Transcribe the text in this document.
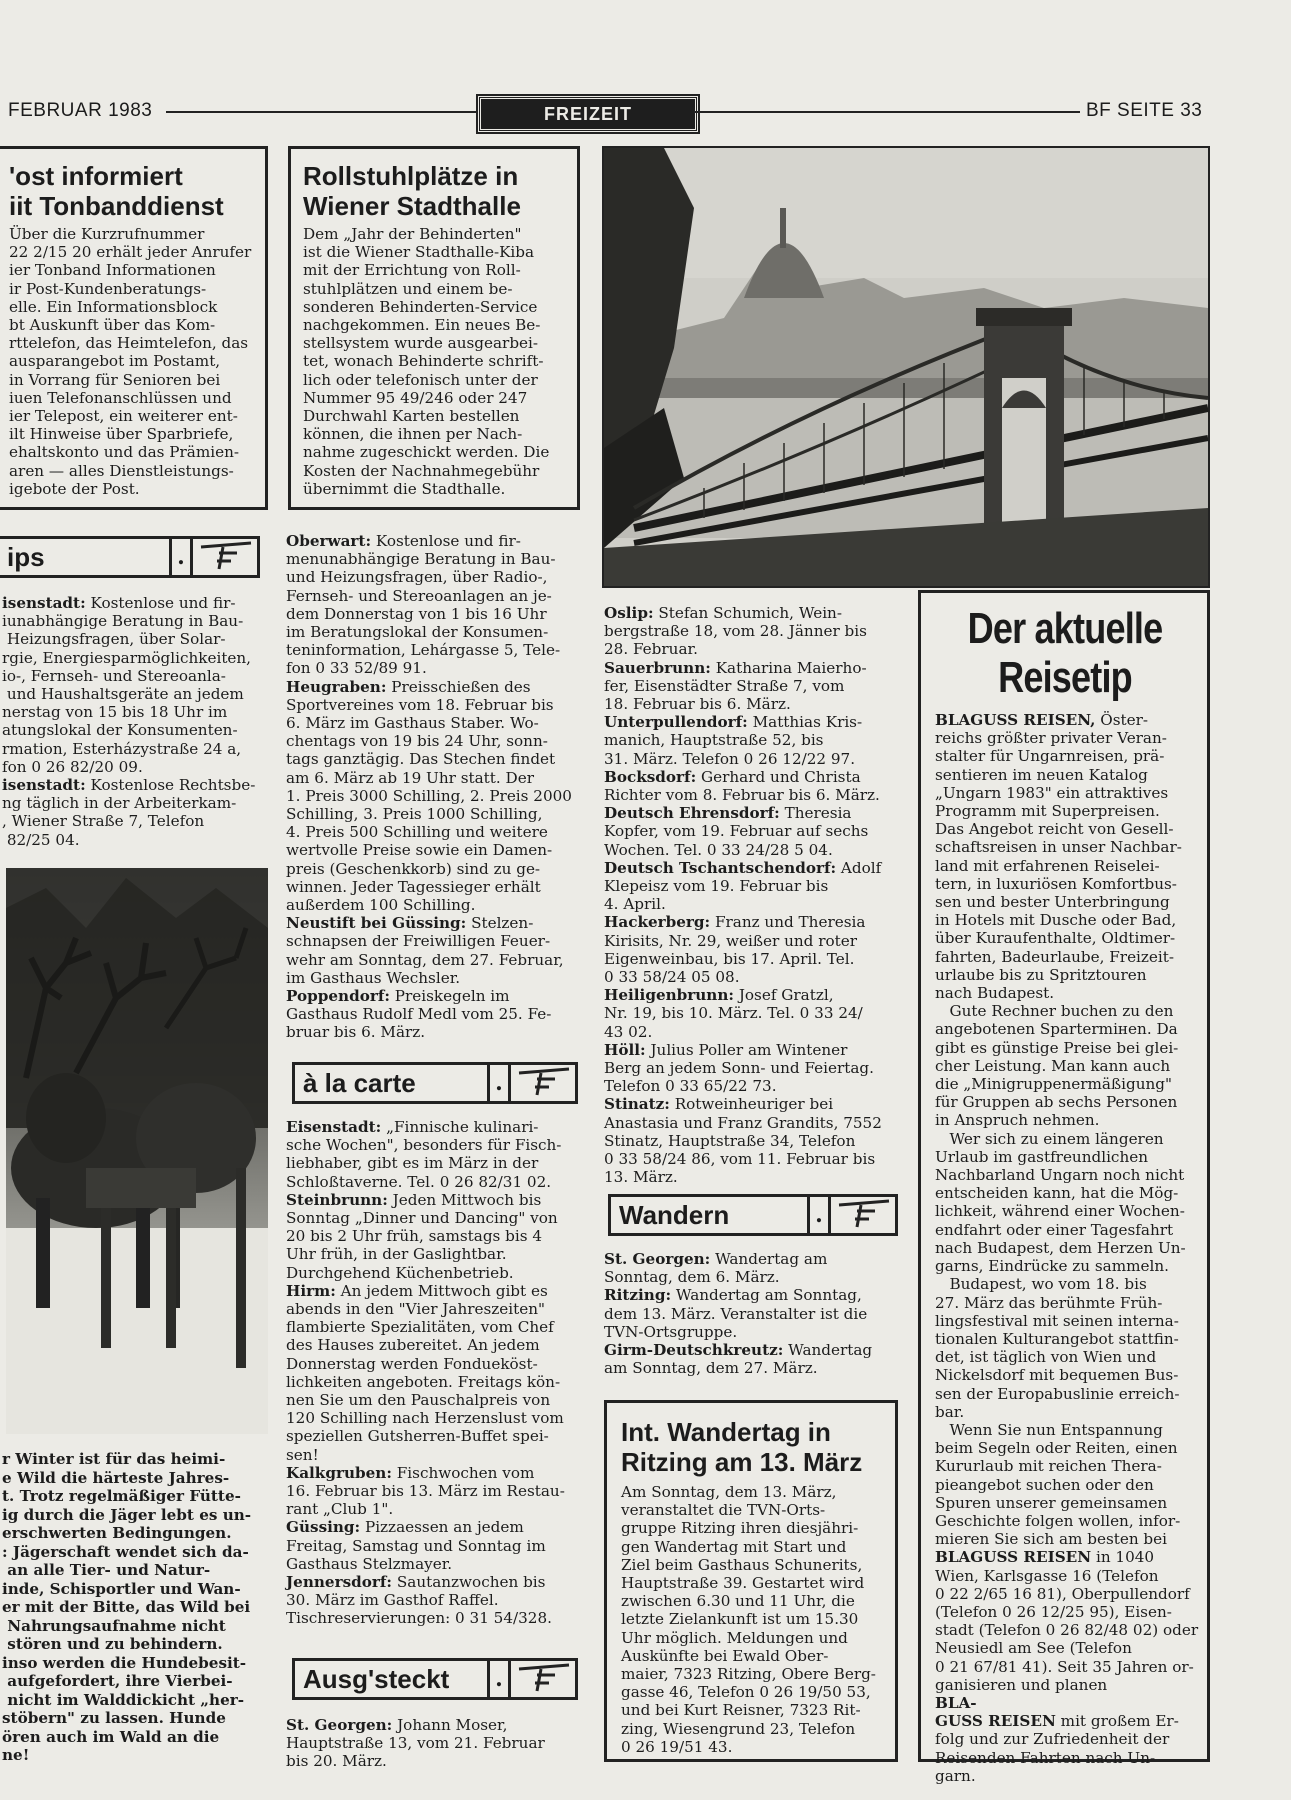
FEBRUAR 1983	FREIZEIT	BF SEITE 33

'ost informiert

iit Tonbanddienst

Über die Kurzrufnummer
22 2/15 20 erhält jeder Anrufer
ier Tonband Informationen
ir Post-Kundenberatungs-
elle. Ein Informationsblock
bt Auskunft über das Kom-
rttelefon, das Heimtelefon, das
ausparangebot im Postamt,
in Vorrang für Senioren bei
iuen Telefonanschlüssen und
ier Telepost, ein weiterer ent-
ilt Hinweise über Sparbriefe,
ehaltskonto und das Prämien-
aren — alles Dienstleistungs-
igebote der Post.
ips	.
isenstadt: Kostenlose und fir-
iunabhängige Beratung in Bau-
Heizungsfragen, über Solar-
rgie, Energiesparmöglichkeiten,
io-, Fernseh- und Stereoanla-
und Haushaltsgeräte an jedem
nerstag von 15 bis 18 Uhr im
atungslokal der Konsumenten-
rmation, Esterházystraße 24 a,
fon 0 26 82/20 09.
isenstadt: Kostenlose Rechtsbe-
ng täglich in der Arbeiterkam-
, Wiener Straße 7, Telefon
82/25 04.
r Winter ist für das heimi-
e Wild die härteste Jahres-
t. Trotz regelmäßiger Fütte-
ig durch die Jäger lebt es un-
erschwerten Bedingungen.
: Jägerschaft wendet sich da-
an alle Tier- und Natur-
inde, Schisportler und Wan-
er mit der Bitte, das Wild bei
Nahrungsaufnahme nicht
stören und zu behindern.
inso werden die Hundebesit-
aufgefordert, ihre Vierbei-
nicht im Walddickicht „her-
stöbern" zu lassen. Hunde
ören auch im Wald an die
ne!

Rollstuhlplätze in

Wiener Stadthalle

Dem „Jahr der Behinderten"
ist die Wiener Stadthalle-Kiba
mit der Errichtung von Roll-
stuhlplätzen und einem be-
sonderen Behinderten-Service
nachgekommen. Ein neues Be-
stellsystem wurde ausgearbei-
tet, wonach Behinderte schrift-
lich oder telefonisch unter der
Nummer 95 49/246 oder 247
Durchwahl Karten bestellen
können, die ihnen per Nach-
nahme zugeschickt werden. Die
Kosten der Nachnahmegebühr
übernimmt die Stadthalle.
Oberwart: Kostenlose und fir-
menunabhängige Beratung in Bau-
und Heizungsfragen, über Radio-,
Fernseh- und Stereoanlagen an je-
dem Donnerstag von 1 bis 16 Uhr
im Beratungslokal der Konsumen-
teninformation, Lehárgasse 5, Tele-
fon 0 33 52/89 91.
Heugraben: Preisschießen des
Sportvereines vom 18. Februar bis
6. März im Gasthaus Staber. Wo-
chentags von 19 bis 24 Uhr, sonn-
tags ganztägig. Das Stechen findet
am 6. März ab 19 Uhr statt. Der
1. Preis 3000 Schilling, 2. Preis 2000
Schilling, 3. Preis 1000 Schilling,
4. Preis 500 Schilling und weitere
wertvolle Preise sowie ein Damen-
preis (Geschenkkorb) sind zu ge-
winnen. Jeder Tagessieger erhält
außerdem 100 Schilling.
Neustift bei Güssing: Stelzen-
schnapsen der Freiwilligen Feuer-
wehr am Sonntag, dem 27. Februar,
im Gasthaus Wechsler.
Poppendorf: Preiskegeln im
Gasthaus Rudolf Medl vom 25. Fe-
bruar bis 6. März.
à la carte	.
Eisenstadt: „Finnische kulinari-
sche Wochen", besonders für Fisch-
liebhaber, gibt es im März in der
Schloßtaverne. Tel. 0 26 82/31 02.
Steinbrunn: Jeden Mittwoch bis
Sonntag „Dinner und Dancing" von
20 bis 2 Uhr früh, samstags bis 4
Uhr früh, in der Gaslightbar.
Durchgehend Küchenbetrieb.
Hirm: An jedem Mittwoch gibt es
abends in den "Vier Jahreszeiten"
flambierte Spezialitäten, vom Chef
des Hauses zubereitet. An jedem
Donnerstag werden Fondueköst-
lichkeiten angeboten. Freitags kön-
nen Sie um den Pauschalpreis von
120 Schilling nach Herzenslust vom
speziellen Gutsherren-Buffet spei-
sen!
Kalkgruben: Fischwochen vom
16. Februar bis 13. März im Restau-
rant „Club 1".
Güssing: Pizzaessen an jedem
Freitag, Samstag und Sonntag im
Gasthaus Stelzmayer.
Jennersdorf: Sautanzwochen bis
30. März im Gasthof Raffel.
Tischreservierungen: 0 31 54/328.
Ausg'steckt	.
St. Georgen: Johann Moser,
Hauptstraße 13, vom 21. Februar
bis 20. März.
Oslip: Stefan Schumich, Wein-
bergstraße 18, vom 28. Jänner bis
28. Februar.
Sauerbrunn: Katharina Maierho-
fer, Eisenstädter Straße 7, vom
18. Februar bis 6. März.
Unterpullendorf: Matthias Kris-
manich, Hauptstraße 52, bis
31. März. Telefon 0 26 12/22 97.
Bocksdorf: Gerhard und Christa
Richter vom 8. Februar bis 6. März.
Deutsch Ehrensdorf: Theresia
Kopfer, vom 19. Februar auf sechs
Wochen. Tel. 0 33 24/28 5 04.
Deutsch Tschantschendorf: Adolf
Klepeisz vom 19. Februar bis
4. April.
Hackerberg: Franz und Theresia
Kirisits, Nr. 29, weißer und roter
Eigenweinbau, bis 17. April. Tel.
0 33 58/24 05 08.
Heiligenbrunn: Josef Gratzl,
Nr. 19, bis 10. März. Tel. 0 33 24/
43 02.
Höll: Julius Poller am Wintener
Berg an jedem Sonn- und Feiertag.
Telefon 0 33 65/22 73.
Stinatz: Rotweinheuriger bei
Anastasia und Franz Grandits, 7552
Stinatz, Hauptstraße 34, Telefon
0 33 58/24 86, vom 11. Februar bis
13. März.
Wandern	.
St. Georgen: Wandertag am
Sonntag, dem 6. März.
Ritzing: Wandertag am Sonntag,
dem 13. März. Veranstalter ist die
TVN-Ortsgruppe.
Girm-Deutschkreutz: Wandertag
am Sonntag, dem 27. März.

Int. Wandertag in

Ritzing am 13. März

Am Sonntag, dem 13. März,
veranstaltet die TVN-Orts-
gruppe Ritzing ihren diesjähri-
gen Wandertag mit Start und
Ziel beim Gasthaus Schunerits,
Hauptstraße 39. Gestartet wird
zwischen 6.30 und 11 Uhr, die
letzte Zielankunft ist um 15.30
Uhr möglich. Meldungen und
Auskünfte bei Ewald Ober-
maier, 7323 Ritzing, Obere Berg-
gasse 46, Telefon 0 26 19/50 53,
und bei Kurt Reisner, 7323 Rit-
zing, Wiesengrund 23, Telefon
0 26 19/51 43.
Der aktuelle
Reisetip
BLAGUSS REISEN, Öster-
reichs größter privater Veran-
stalter für Ungarnreisen, prä-
sentieren im neuen Katalog
„Ungarn 1983" ein attraktives
Programm mit Superpreisen.
Das Angebot reicht von Gesell-
schaftsreisen in unser Nachbar-
land mit erfahrenen Reiselei-
tern, in luxuriösen Komfortbus-
sen und bester Unterbringung
in Hotels mit Dusche oder Bad,
über Kuraufenthalte, Oldtimer-
fahrten, Badeurlaube, Freizeit-
urlaube bis zu Spritztouren
nach Budapest.
Gute Rechner buchen zu den
angebotenen Spartermінen. Da
gibt es günstige Preise bei glei-
cher Leistung. Man kann auch
die „Minigruppenermäßigung"
für Gruppen ab sechs Personen
in Anspruch nehmen.
Wer sich zu einem längeren
Urlaub im gastfreundlichen
Nachbarland Ungarn noch nicht
entscheiden kann, hat die Mög-
lichkeit, während einer Wochen-
endfahrt oder einer Tagesfahrt
nach Budapest, dem Herzen Un-
garns, Eindrücke zu sammeln.
Budapest, wo vom 18. bis
27. März das berühmte Früh-
lingsfestival mit seinen interna-
tionalen Kulturangebot stattfin-
det, ist täglich von Wien und
Nickelsdorf mit bequemen Bus-
sen der Europabuslinie erreich-
bar.
Wenn Sie nun Entspannung
beim Segeln oder Reiten, einen
Kururlaub mit reichen Thera-
pieangebot suchen oder den
Spuren unserer gemeinsamen
Geschichte folgen wollen, infor-
mieren Sie sich am besten bei
BLAGUSS REISEN in 1040
Wien, Karlsgasse 16 (Telefon
0 22 2/65 16 81), Oberpullendorf
(Telefon 0 26 12/25 95), Eisen-
stadt (Telefon 0 26 82/48 02) oder
Neusiedl am See (Telefon
0 21 67/81 41). Seit 35 Jahren or-
ganisieren und planen
BLA-
GUSS REISEN mit großem Er-
folg und zur Zufriedenheit der
Reisenden Fahrten nach Un-
garn.
